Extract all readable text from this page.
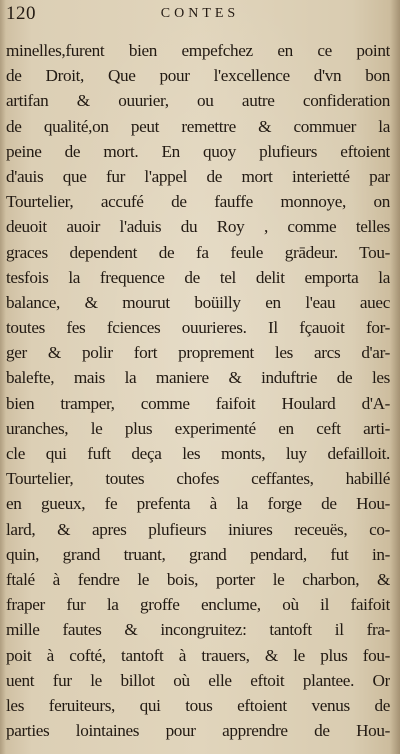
120	CONTES
minelles,furent bien empefchez en ce point
de Droit, Que pour l'excellence d'vn bon
artifan & ouurier, ou autre confideration
de qualité,on peut remettre & commuer la
peine de mort. En quoy plufieurs eftoient
d'auis que fur l'appel de mort interietté par
Tourtelier, accufé de fauffe monnoye, on
deuoit auoir l'aduis du Roy , comme telles
graces dependent de fa feule grādeur. Tou-
tesfois la frequence de tel delit emporta la
balance, & mourut boüilly en l'eau auec
toutes fes fciences ouurieres. Il fçauoit for-
ger & polir fort proprement les arcs d'ar-
balefte, mais la maniere & induftrie de les
bien tramper, comme faifoit Houlard d'A-
uranches, le plus experimenté en ceft arti-
cle qui fuft deça les monts, luy defailloit.
Tourtelier, toutes chofes ceffantes, habillé
en gueux, fe prefenta à la forge de Hou-
lard, & apres plufieurs iniures receuës, co-
quin, grand truant, grand pendard, fut in-
ftalé à fendre le bois, porter le charbon, &
fraper fur la groffe enclume, où il faifoit
mille fautes & incongruitez: tantoft il fra-
poit à cofté, tantoft à trauers, & le plus fou-
uent fur le billot où elle eftoit plantee. Or
les feruiteurs, qui tous eftoient venus de
parties lointaines pour apprendre de Hou-
